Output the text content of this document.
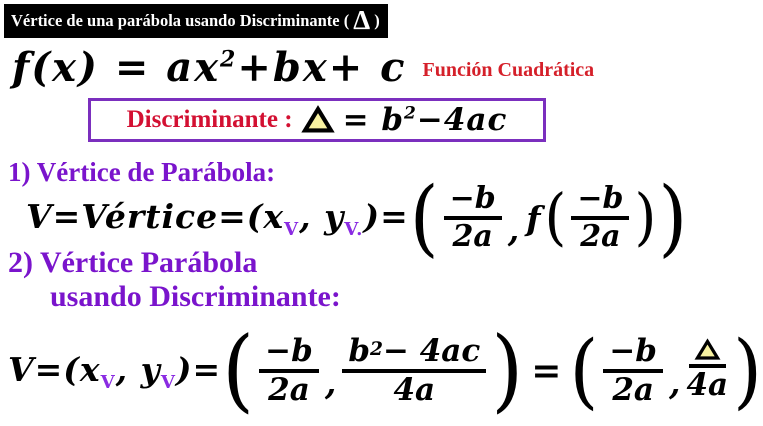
Vértice de una parábola usando Discriminante ( Δ )
$f(x) = ax^2+bx+ c$ Función Cuadrática
Discriminante : = $b^2-4ac$
1) Vértice de Parábola:
$V=Vértice=(x_V$, $y_{V.})=$ ( $\frac{-b}{2a}$ , f ( $\frac{-b}{2a}$ ) )
2) Vértice Parábola
usando Discriminante:
$V=(x_V$, $y_V)=$ ( $\frac{-b}{2a}$ , $\frac{b 2 - 4ac}{4a}$ ) = ( $\frac{-b}{2a}$ , 4a )
